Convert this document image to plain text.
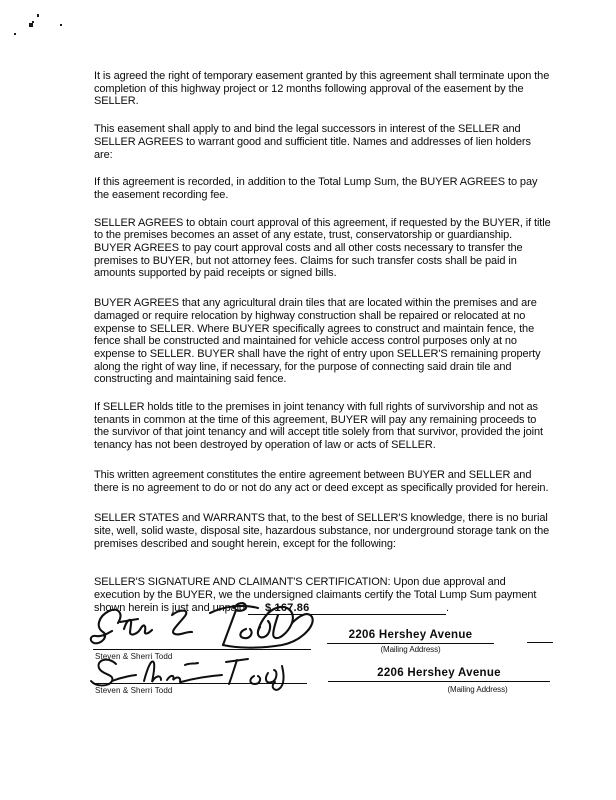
It is agreed the right of temporary easement granted by this agreement shall terminate upon the completion of this highway project or 12 months following approval of the easement by the SELLER.

This easement shall apply to and bind the legal successors in interest of the SELLER and SELLER AGREES to warrant good and sufficient title. Names and addresses of lien holders are:

If this agreement is recorded, in addition to the Total Lump Sum, the BUYER AGREES to pay the easement recording fee.

SELLER AGREES to obtain court approval of this agreement, if requested by the BUYER, if title to the premises becomes an asset of any estate, trust, conservatorship or guardianship. BUYER AGREES to pay court approval costs and all other costs necessary to transfer the premises to BUYER, but not attorney fees. Claims for such transfer costs shall be paid in amounts supported by paid receipts or signed bills.

BUYER AGREES that any agricultural drain tiles that are located within the premises and are damaged or require relocation by highway construction shall be repaired or relocated at no expense to SELLER. Where BUYER specifically agrees to construct and maintain fence, the fence shall be constructed and maintained for vehicle access control purposes only at no expense to SELLER. BUYER shall have the right of entry upon SELLER'S remaining property along the right of way line, if necessary, for the purpose of connecting said drain tile and constructing and maintaining said fence.

If SELLER holds title to the premises in joint tenancy with full rights of survivorship and not as tenants in common at the time of this agreement, BUYER will pay any remaining proceeds to the survivor of that joint tenancy and will accept title solely from that survivor, provided the joint tenancy has not been destroyed by operation of law or acts of SELLER.

This written agreement constitutes the entire agreement between BUYER and SELLER and there is no agreement to do or not do any act or deed except as specifically provided for herein.

SELLER STATES and WARRANTS that, to the best of SELLER'S knowledge, there is no burial site, well, solid waste, disposal site, hazardous substance, nor underground storage tank on the premises described and sought herein, except for the following:

SELLER'S SIGNATURE AND CLAIMANT'S CERTIFICATION: Upon due approval and execution by the BUYER, we the undersigned claimants certify the Total Lump Sum payment shown herein is just and unpaid $ 167.86	.

Steven & Sherri Todd
2206 Hershey Avenue
(Mailing Address)
Steven & Sherri Todd
2206 Hershey Avenue
(Mailing Address)
